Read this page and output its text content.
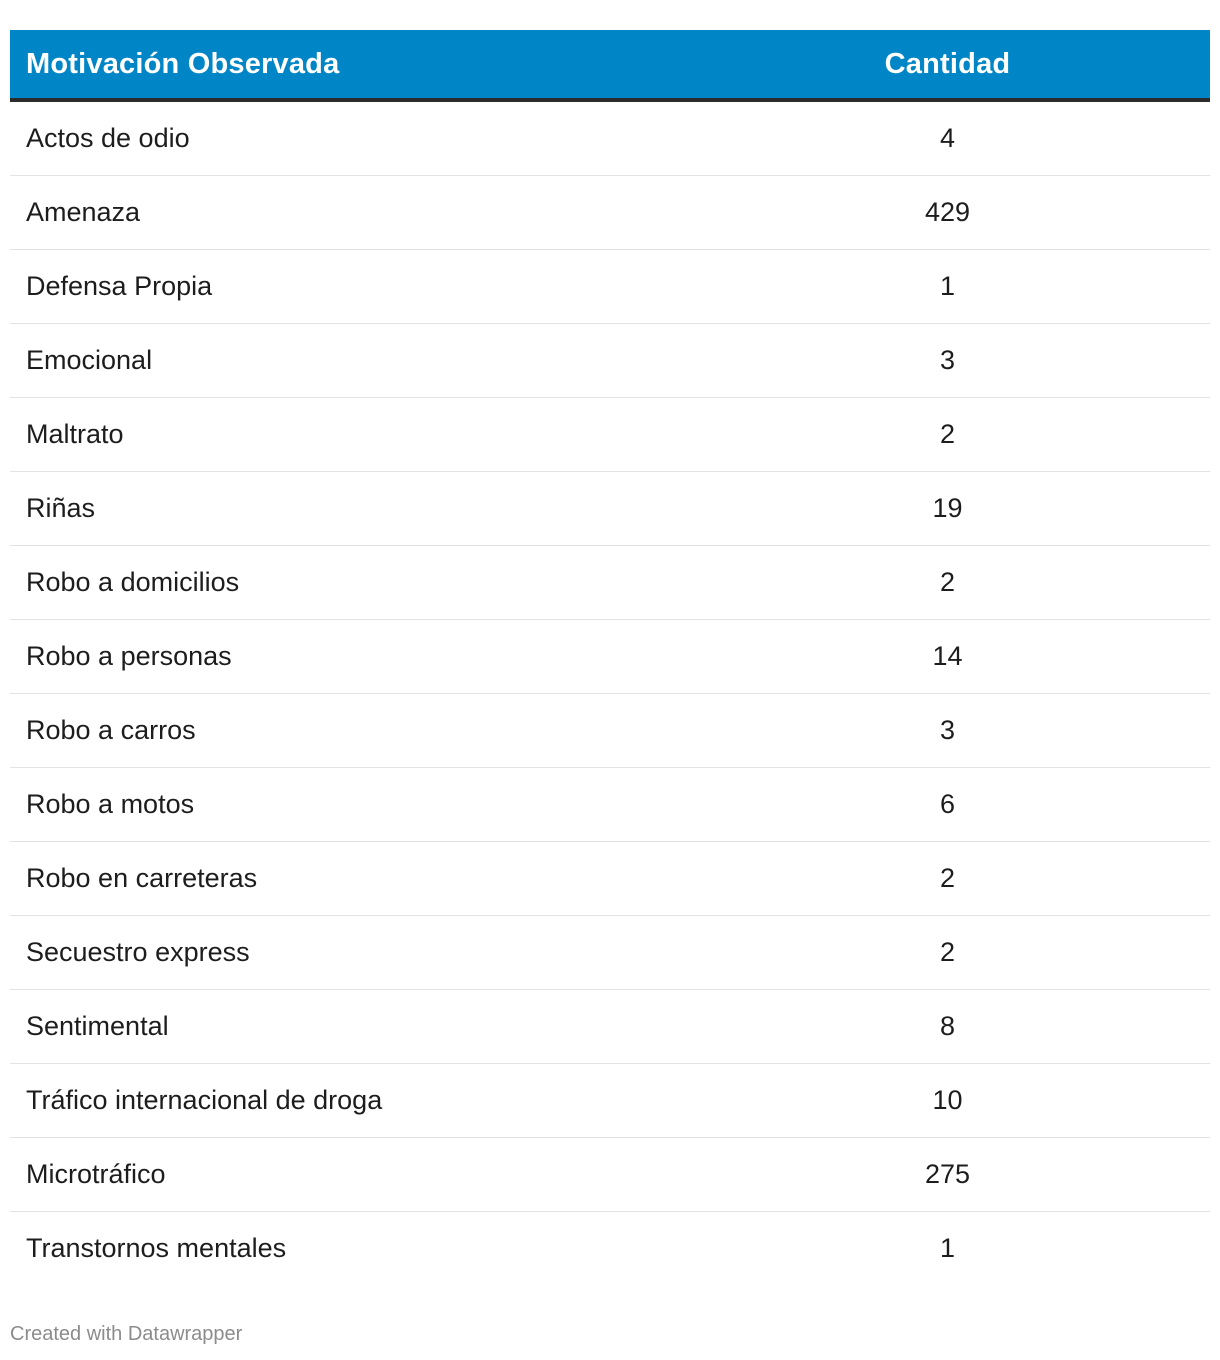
Motivación Observada	Cantidad
Actos de odio	4
Amenaza	429
Defensa Propia	1
Emocional	3
Maltrato	2
Riñas	19
Robo a domicilios	2
Robo a personas	14
Robo a carros	3
Robo a motos	6
Robo en carreteras	2
Secuestro express	2
Sentimental	8
Tráfico internacional de droga	10
Microtráfico	275
Transtornos mentales	1
Created with Datawrapper
